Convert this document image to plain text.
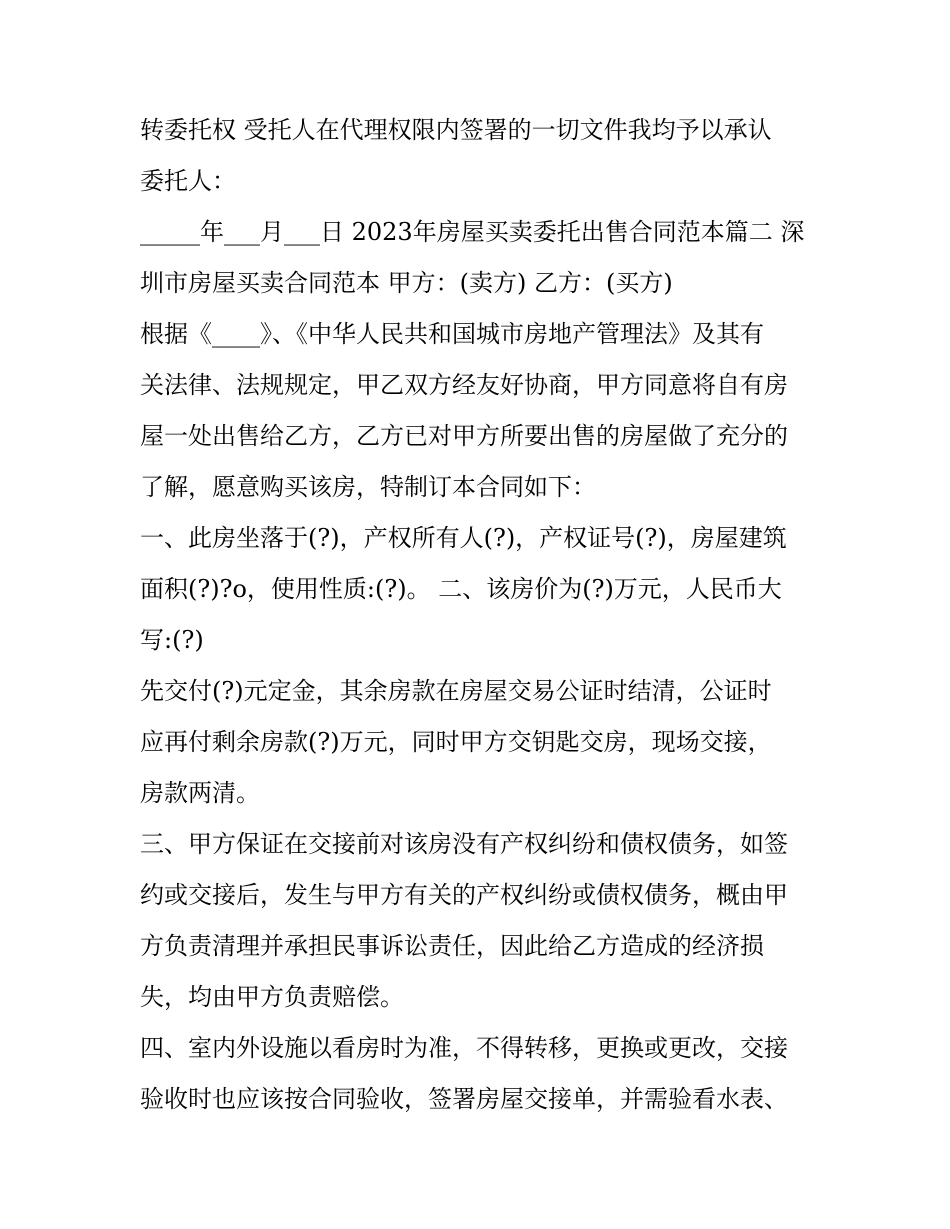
转委托权 受托人在代理权限内签署的一切文件我均予以承认
委托人：
_____年___月___日 2023年房屋买卖委托出售合同范本篇二 深
圳市房屋买卖合同范本 甲方：(卖方) 乙方：(买方)
根据《____》、《中华人民共和国城市房地产管理法》及其有
关法律、法规规定，甲乙双方经友好协商，甲方同意将自有房
屋一处出售给乙方，乙方已对甲方所要出售的房屋做了充分的
了解，愿意购买该房，特制订本合同如下：
一、此房坐落于(?)，产权所有人(?)，产权证号(?)，房屋建筑
面积(?)?o，使用性质:(?)。 二、该房价为(?)万元，人民币大
写:(?)
先交付(?)元定金，其余房款在房屋交易公证时结清，公证时
应再付剩余房款(?)万元，同时甲方交钥匙交房，现场交接，
房款两清。
三、甲方保证在交接前对该房没有产权纠纷和债权债务，如签
约或交接后，发生与甲方有关的产权纠纷或债权债务，概由甲
方负责清理并承担民事诉讼责任，因此给乙方造成的经济损
失，均由甲方负责赔偿。
四、室内外设施以看房时为准，不得转移，更换或更改，交接
验收时也应该按合同验收，签署房屋交接单，并需验看水表、
